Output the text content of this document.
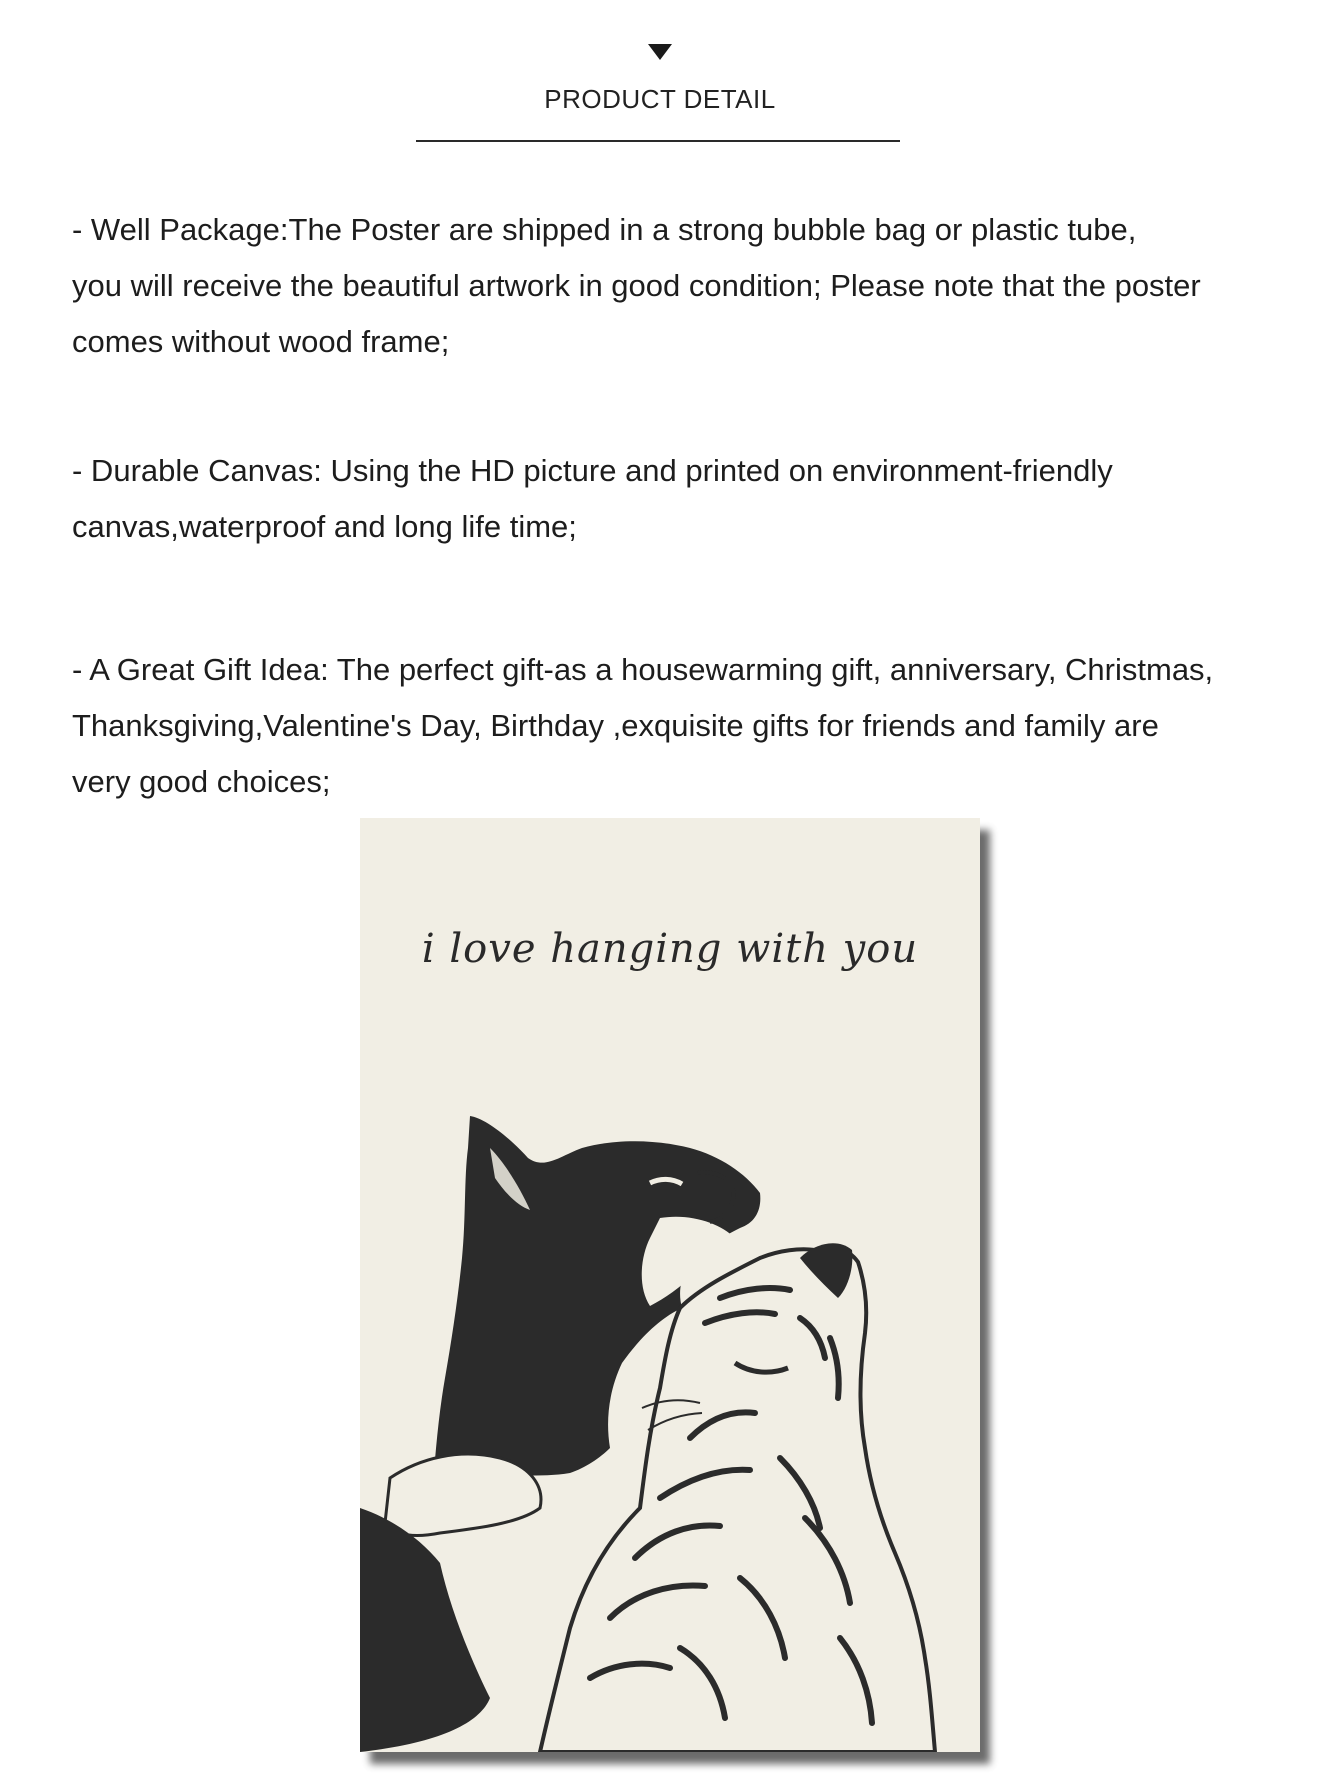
PRODUCT DETAIL
- Well Package:The Poster are shipped in a strong bubble bag or plastic tube,
you will receive the beautiful artwork in good condition; Please note that the poster
comes without wood frame;
- Durable Canvas: Using the HD picture and printed on environment-friendly
canvas,waterproof and long life time;
- A Great Gift Idea: The perfect gift-as a housewarming gift, anniversary, Christmas,
Thanksgiving,Valentine's Day, Birthday ,exquisite gifts for friends and family are
very good choices;
i love hanging with you
